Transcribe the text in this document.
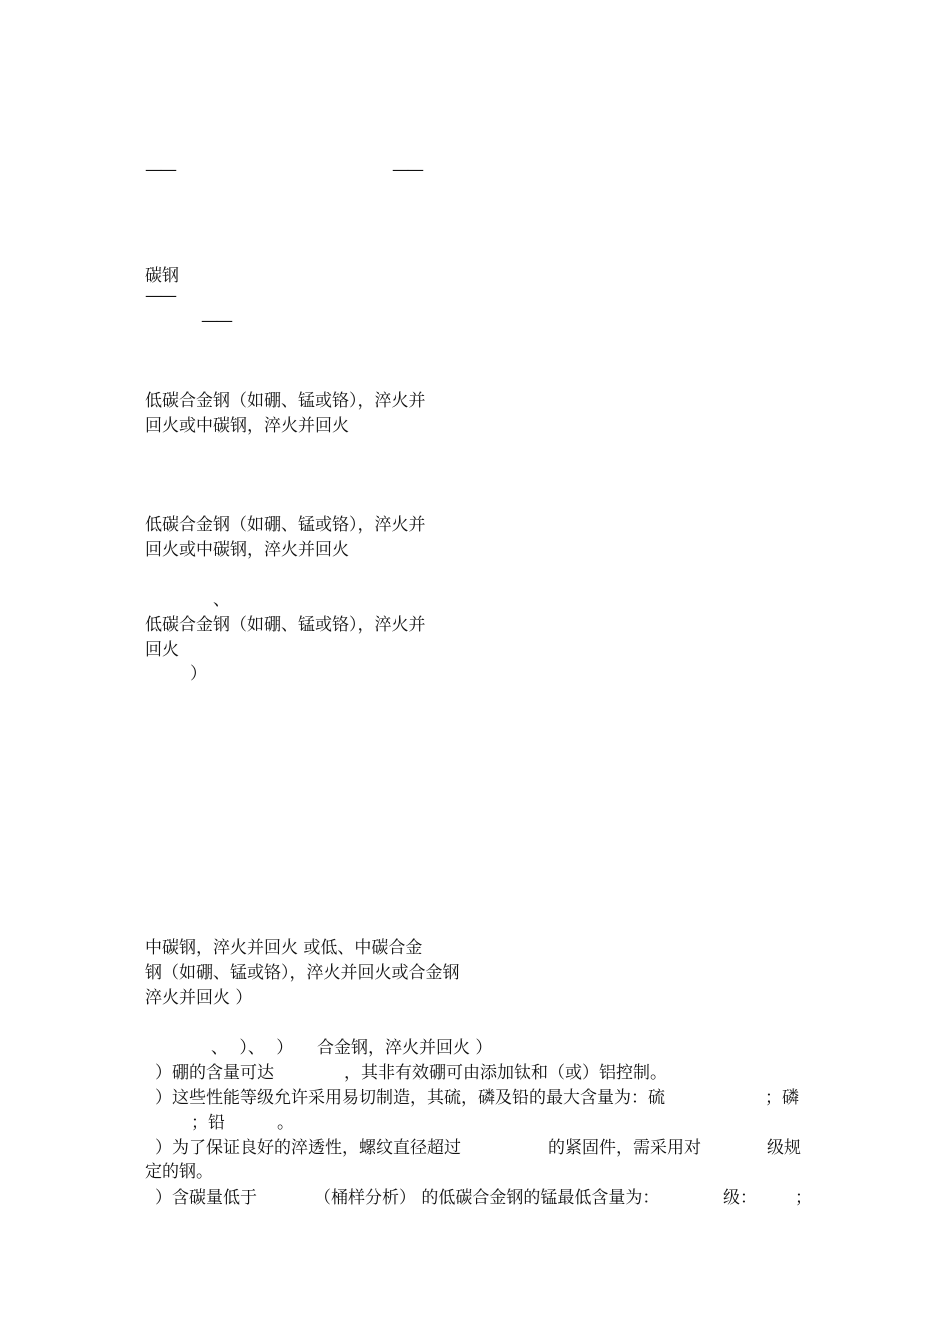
——	——
碳钢
——
——
低碳合金钢（如硼、锰或铬），淬火并
回火或中碳钢，淬火并回火
低碳合金钢（如硼、锰或铬），淬火并
回火或中碳钢，淬火并回火
、
低碳合金钢（如硼、锰或铬），淬火并
回火
）
中碳钢，淬火并回火 或低、中碳合金
钢（如硼、锰或铬），淬火并回火或合金钢
淬火并回火 ）
、 ）、 ） 合金钢，淬火并回火 ）
）硼的含量可达	，其非有效硼可由添加钛和（或）铝控制。
）这些性能等级允许采用易切制造，其硫，磷及铅的最大含量为：硫	；磷
；铅	。
）为了保证良好的淬透性，螺纹直径超过	的紧固件，需采用对	级规
定的钢。
）含碳量低于	（桶样分析） 的低碳合金钢的锰最低含量为：	级： ；
